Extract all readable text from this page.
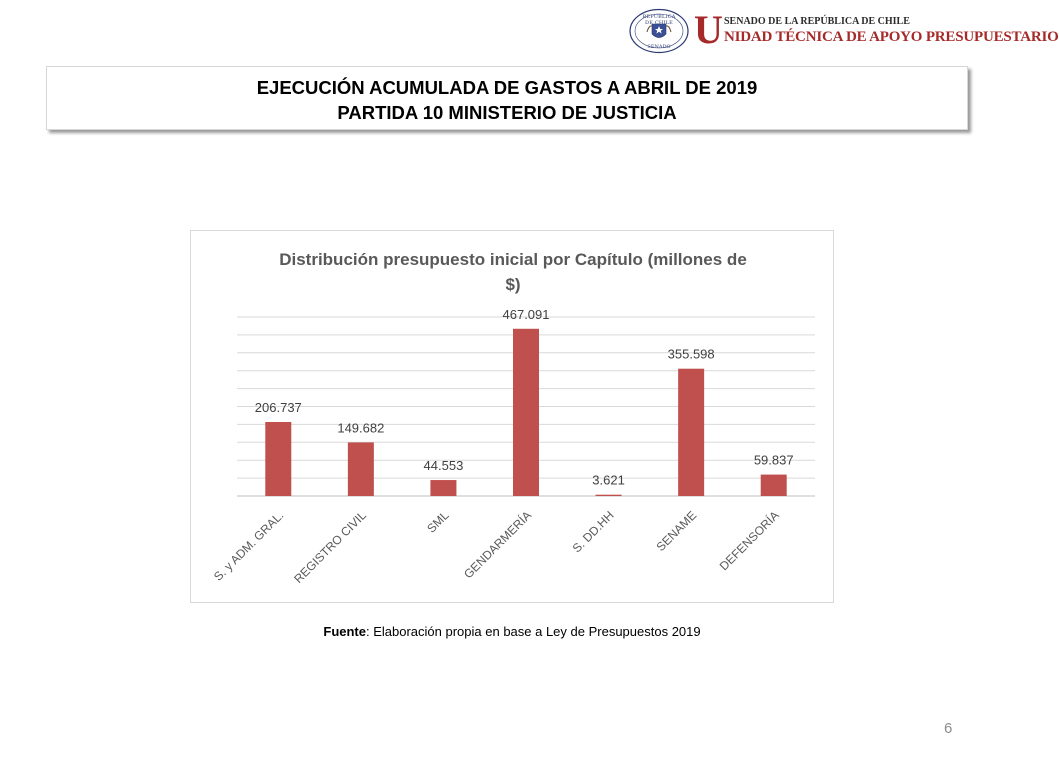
REPÚBLICA DE CHILE
SENADO U SENADO DE LA REPÚBLICA DE CHILE
NIDAD TÉCNICA DE APOYO PRESUPUESTARIO
EJECUCIÓN ACUMULADA DE GASTOS A ABRIL DE 2019
PARTIDA 10 MINISTERIO DE JUSTICIA
Distribución presupuesto inicial por Capítulo (millones de
$)
206.737
149.682
44.553
467.091
3.621
355.598
59.837
S. y ADM. GRAL. REGISTRO CIVIL	SML GENDARMERÍA	S. DD.HH	SENAME DEFENSORÍA
Fuente: Elaboración propia en base a Ley de Presupuestos 2019
6
